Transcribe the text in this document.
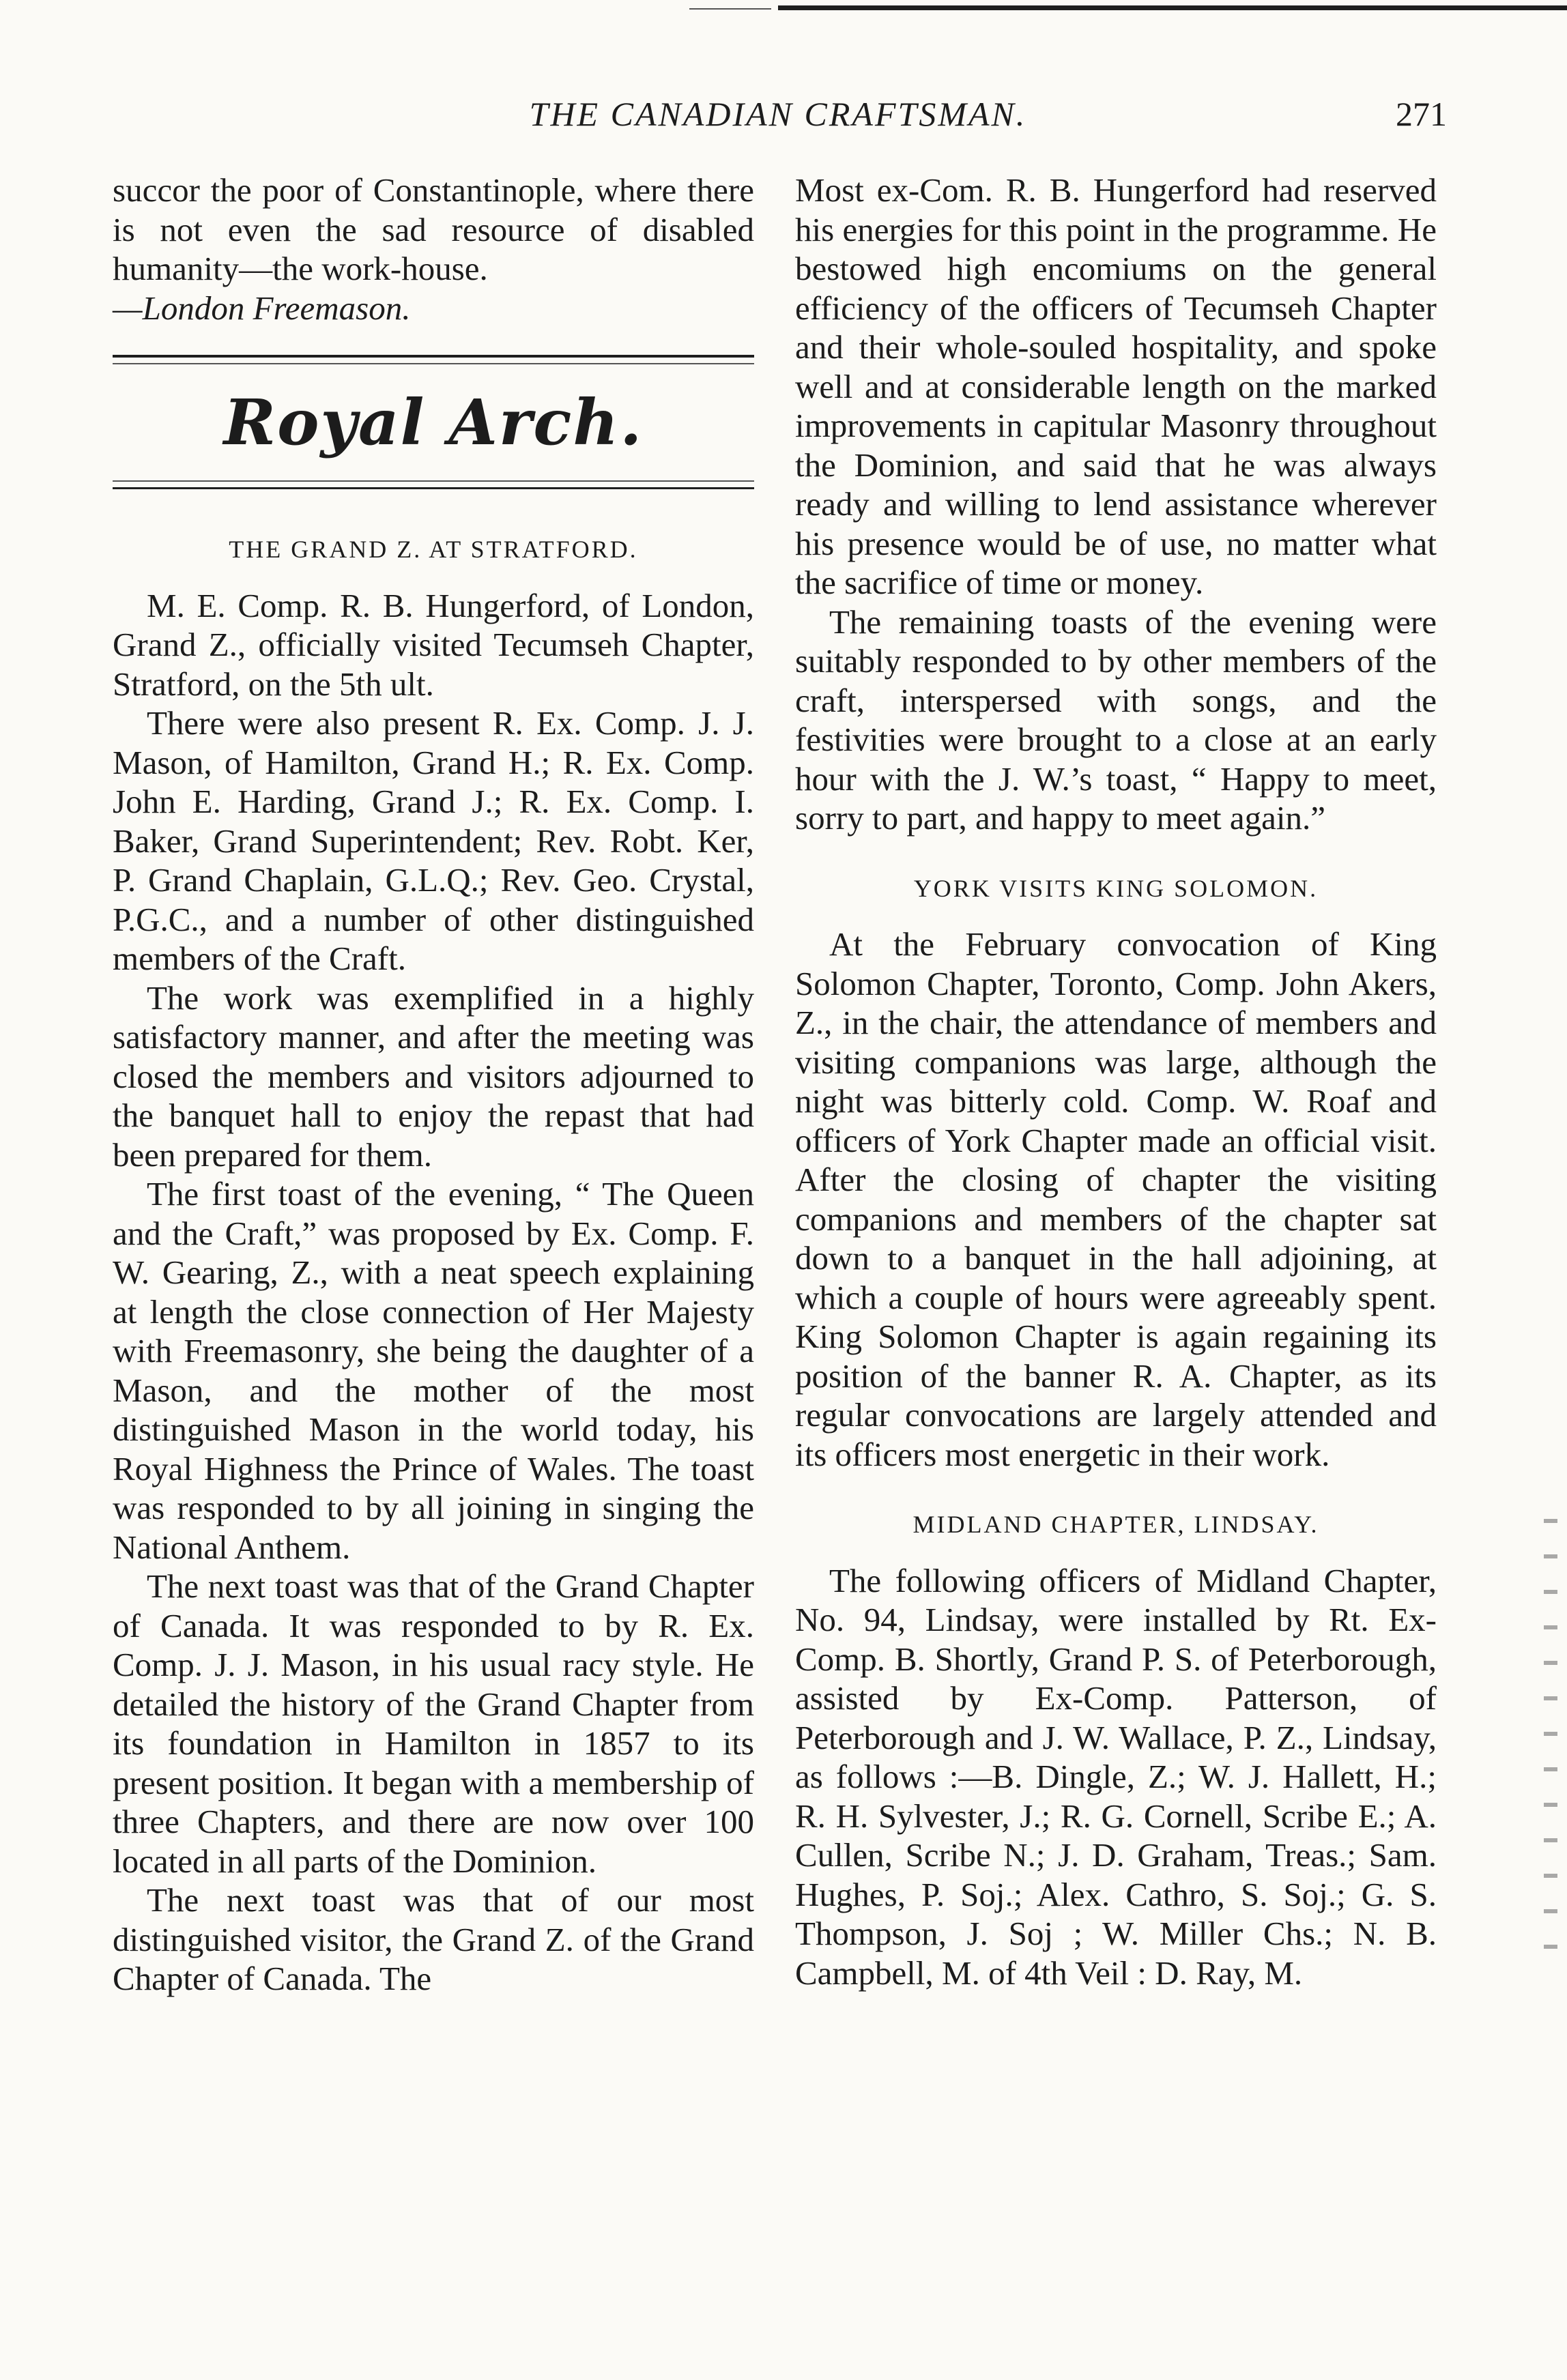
THE CANADIAN CRAFTSMAN.	271

succor the poor of Constantinople, where there is not even the sad resource of disabled humanity—the work-house.

—London Freemason.

Royal Arch.

THE GRAND Z. AT STRATFORD.

M. E. Comp. R. B. Hungerford, of London, Grand Z., officially visited Tecumseh Chapter, Stratford, on the 5th ult.

There were also present R. Ex. Comp. J. J. Mason, of Hamilton, Grand H.; R. Ex. Comp. John E. Harding, Grand J.; R. Ex. Comp. I. Baker, Grand Superintendent; Rev. Robt. Ker, P. Grand Chaplain, G.L.Q.; Rev. Geo. Crystal, P.G.C., and a number of other distinguished members of the Craft.

The work was exemplified in a highly satisfactory manner, and after the meeting was closed the members and visitors adjourned to the banquet hall to enjoy the repast that had been prepared for them.

The first toast of the evening, “ The Queen and the Craft,” was proposed by Ex. Comp. F. W. Gearing, Z., with a neat speech explaining at length the close connection of Her Majesty with Freemasonry, she being the daughter of a Mason, and the mother of the most distinguished Mason in the world today, his Royal Highness the Prince of Wales. The toast was responded to by all joining in singing the National Anthem.

The next toast was that of the Grand Chapter of Canada. It was responded to by R. Ex. Comp. J. J. Mason, in his usual racy style. He detailed the history of the Grand Chapter from its foundation in Hamilton in 1857 to its present position. It began with a membership of three Chapters, and there are now over 100 located in all parts of the Dominion.

The next toast was that of our most distinguished visitor, the Grand Z. of the Grand Chapter of Canada. The

Most ex-Com. R. B. Hungerford had reserved his energies for this point in the programme. He bestowed high encomiums on the general efficiency of the officers of Tecumseh Chapter and their whole-souled hospitality, and spoke well and at considerable length on the marked improvements in capitular Masonry throughout the Dominion, and said that he was always ready and willing to lend assistance wherever his presence would be of use, no matter what the sacrifice of time or money.

The remaining toasts of the evening were suitably responded to by other members of the craft, interspersed with songs, and the festivities were brought to a close at an early hour with the J. W.’s toast, “ Happy to meet, sorry to part, and happy to meet again.”

YORK VISITS KING SOLOMON.

At the February convocation of King Solomon Chapter, Toronto, Comp. John Akers, Z., in the chair, the attendance of members and visiting companions was large, although the night was bitterly cold. Comp. W. Roaf and officers of York Chapter made an official visit. After the closing of chapter the visiting companions and members of the chapter sat down to a banquet in the hall adjoining, at which a couple of hours were agreeably spent. King Solomon Chapter is again regaining its position of the banner R. A. Chapter, as its regular convocations are largely attended and its officers most energetic in their work.

MIDLAND CHAPTER, LINDSAY.

The following officers of Midland Chapter, No. 94, Lindsay, were installed by Rt. Ex-Comp. B. Shortly, Grand P. S. of Peterborough, assisted by Ex-Comp. Patterson, of Peterborough and J. W. Wallace, P. Z., Lindsay, as follows :—B. Dingle, Z.; W. J. Hallett, H.; R. H. Sylvester, J.; R. G. Cornell, Scribe E.; A. Cullen, Scribe N.; J. D. Graham, Treas.; Sam. Hughes, P. Soj.; Alex. Cathro, S. Soj.; G. S. Thompson, J. Soj ; W. Miller Chs.; N. B. Campbell, M. of 4th Veil : D. Ray, M.
